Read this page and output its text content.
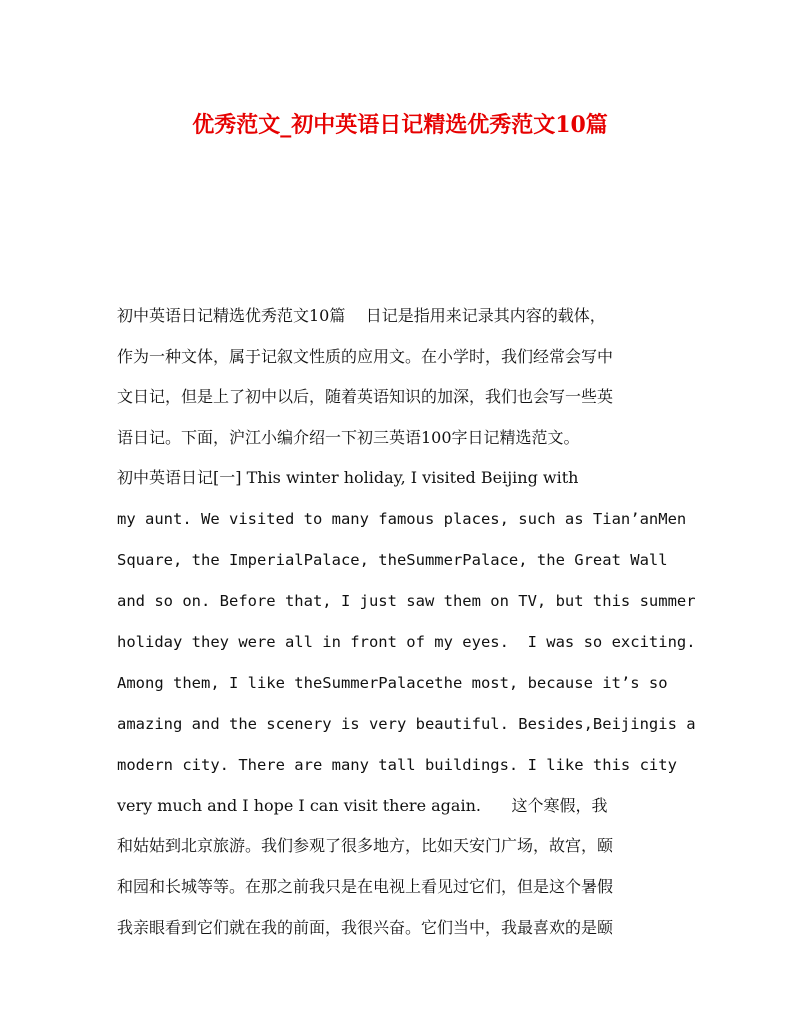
优秀范文_初中英语日记精选优秀范文10篇
初中英语日记精选优秀范文10篇    日记是指用来记录其内容的载体，
作为一种文体，属于记叙文性质的应用文。在小学时，我们经常会写中
文日记，但是上了初中以后，随着英语知识的加深，我们也会写一些英
语日记。下面，沪江小编介绍一下初三英语100字日记精选范文。
初中英语日记[一] This winter holiday, I visited Beijing with
my aunt. We visited to many famous places, such as Tian’anMen
Square, the ImperialPalace, theSummerPalace, the Great Wall
and so on. Before that, I just saw them on TV, but this summer
holiday they were all in front of my eyes.  I was so exciting.
Among them, I like theSummerPalacethe most, because it’s so
amazing and the scenery is very beautiful. Besides,Beijingis a
modern city. There are many tall buildings. I like this city
very much and I hope I can visit there again.      这个寒假，我
和姑姑到北京旅游。我们参观了很多地方，比如天安门广场，故宫，颐
和园和长城等等。在那之前我只是在电视上看见过它们，但是这个暑假
我亲眼看到它们就在我的前面，我很兴奋。它们当中，我最喜欢的是颐
